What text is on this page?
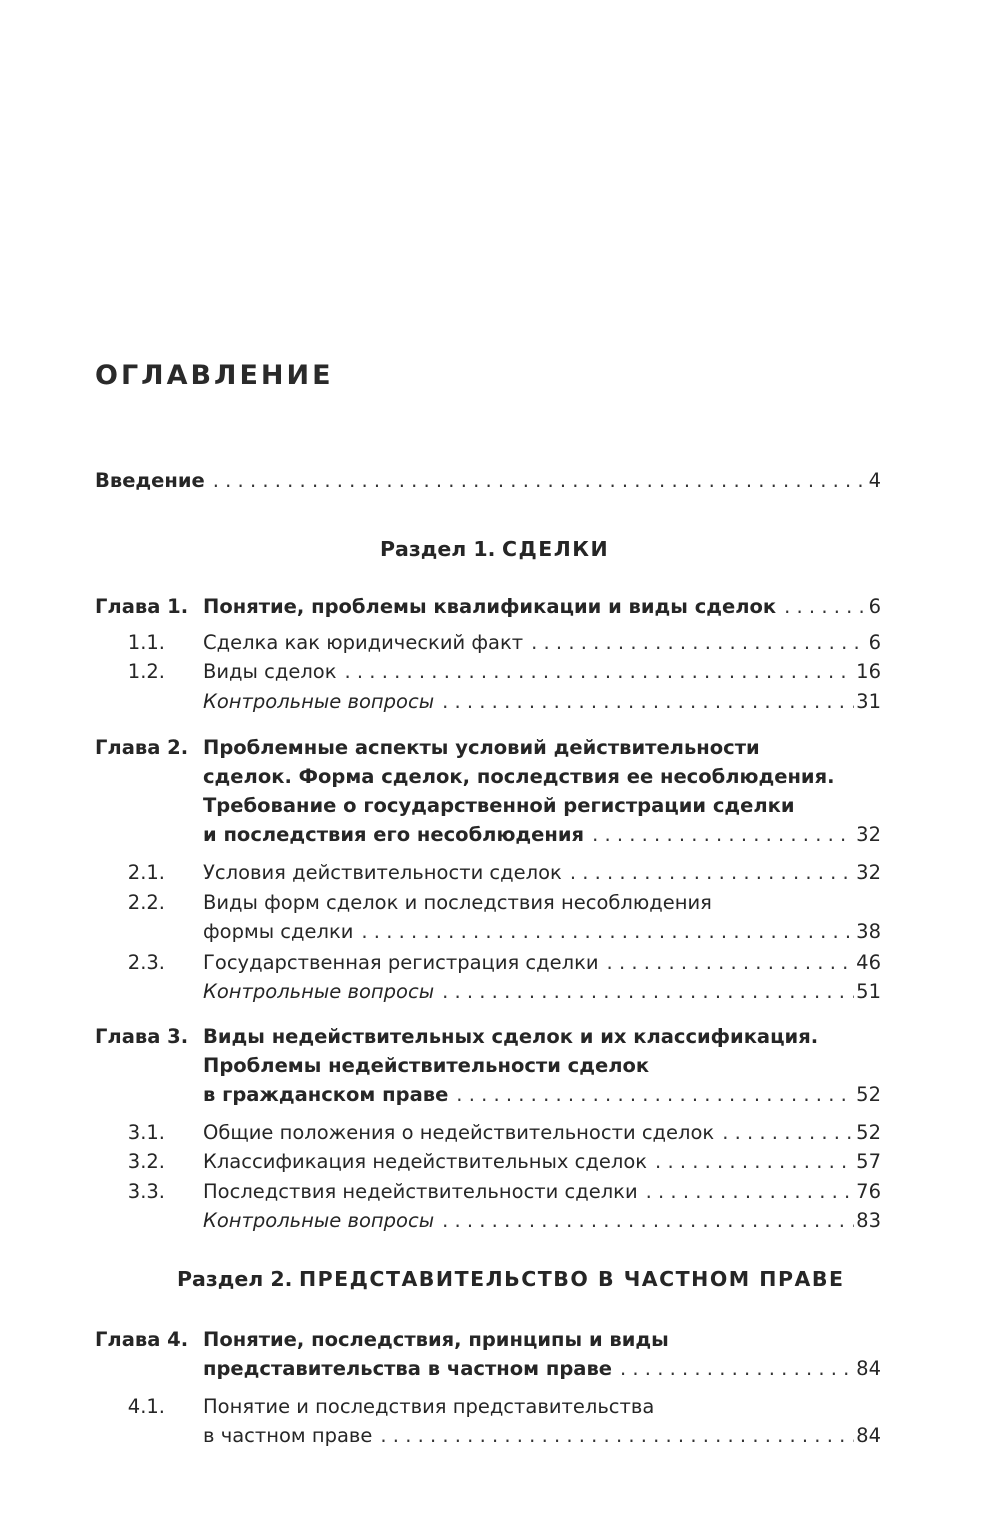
ОГЛАВЛЕНИЕ
Введение . . .	4
Раздел 1. СДЕЛКИ
Глава 1. Понятие, проблемы квалификации и виды сделок . . .	6
1.1. Сделка как юридический факт . . .	6
1.2. Виды сделок . . .	16
Контрольные вопросы . . .	31
Глава 2. Проблемные аспекты условий действительности
сделок. Форма сделок, последствия ее несоблюдения.
Требование о государственной регистрации сделки
и последствия его несоблюдения . . .	32
2.1. Условия действительности сделок . . .	32
2.2. Виды форм сделок и последствия несоблюдения
формы сделки . . .	38
2.3. Государственная регистрация сделки . . .	46
Контрольные вопросы . . .	51
Глава 3. Виды недействительных сделок и их классификация.
Проблемы недействительности сделок
в гражданском праве . . .	52
3.1. Общие положения о недействительности сделок . . .	52
3.2. Классификация недействительных сделок . . .	57
3.3. Последствия недействительности сделки . . .	76
Контрольные вопросы . . .	83
Раздел 2. ПРЕДСТАВИТЕЛЬСТВО В ЧАСТНОМ ПРАВЕ
Глава 4. Понятие, последствия, принципы и виды
представительства в частном праве . . .	84
4.1. Понятие и последствия представительства
в частном праве . . .	84
